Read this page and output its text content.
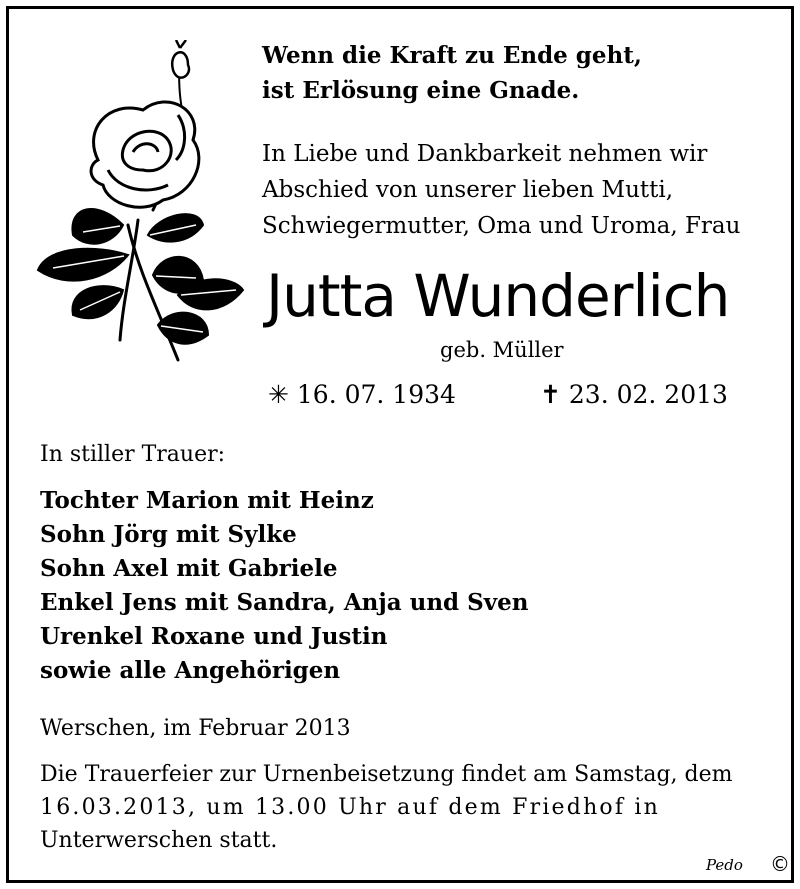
Wenn die Kraft zu Ende geht,
ist Erlösung eine Gnade.
In Liebe und Dankbarkeit nehmen wir
Abschied von unserer lieben Mutti,
Schwiegermutter, Oma und Uroma, Frau
Jutta Wunderlich
geb. Müller
✳ 16. 07. 1934	✝ 23. 02. 2013
In stiller Trauer:
Tochter Marion mit Heinz
Sohn Jörg mit Sylke
Sohn Axel mit Gabriele
Enkel Jens mit Sandra, Anja und Sven
Urenkel Roxane und Justin
sowie alle Angehörigen
Werschen, im Februar 2013
Die Trauerfeier zur Urnenbeisetzung findet am Samstag, dem
16.03.2013, um 13.00 Uhr auf dem Friedhof in
Unterwerschen statt.
Pedo ©
